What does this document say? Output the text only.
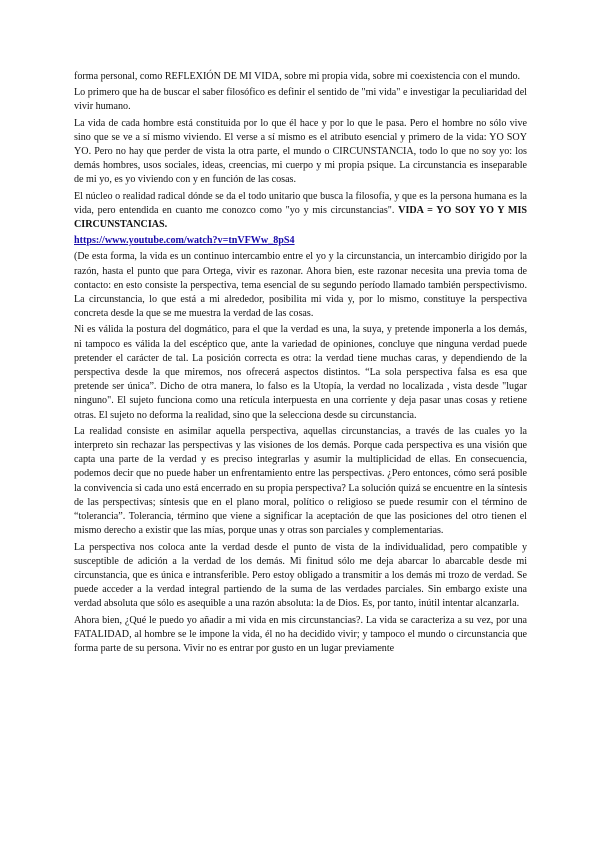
forma personal, como REFLEXIÓN DE MI VIDA, sobre mi propia vida, sobre mi coexistencia con el mundo.

Lo primero que ha de buscar el saber filosófico es definir el sentido de "mi vida" e investigar la peculiaridad del vivir humano.

La vida de cada hombre está constituida por lo que él hace y por lo que le pasa. Pero el hombre no sólo vive sino que se ve a sí mismo viviendo. El verse a sí mismo es el atributo esencial y primero de la vida: YO SOY YO. Pero no hay que perder de vista la otra parte, el mundo o CIRCUNSTANCIA, todo lo que no soy yo: los demás hombres, usos sociales, ideas, creencias, mi cuerpo y mi propia psique. La circunstancia es inseparable de mi yo, es yo viviendo con y en función de las cosas.

El núcleo o realidad radical dónde se da el todo unitario que busca la filosofía, y que es la persona humana es la vida, pero entendida en cuanto me conozco como "yo y mis circunstancias". VIDA = YO SOY YO Y MIS CIRCUNSTANCIAS.

https://www.youtube.com/watch?v=tnVFWw_8pS4

(De esta forma, la vida es un continuo intercambio entre el yo y la circunstancia, un intercambio dirigido por la razón, hasta el punto que para Ortega, vivir es razonar. Ahora bien, este razonar necesita una previa toma de contacto: en esto consiste la perspectiva, tema esencial de su segundo período llamado también perspectivismo. La circunstancia, lo que está a mi alrededor, posibilita mi vida y, por lo mismo, constituye la perspectiva concreta desde la que se me muestra la verdad de las cosas.

Ni es válida la postura del dogmático, para el que la verdad es una, la suya, y pretende imponerla a los demás, ni tampoco es válida la del escéptico que, ante la variedad de opiniones, concluye que ninguna verdad puede pretender el carácter de tal. La posición correcta es otra: la verdad tiene muchas caras, y dependiendo de la perspectiva desde la que miremos, nos ofrecerá aspectos distintos. “La sola perspectiva falsa es esa que pretende ser única”. Dicho de otra manera, lo falso es la Utopía, la verdad no localizada , vista desde "lugar ninguno". El sujeto funciona como una retícula interpuesta en una corriente y deja pasar unas cosas y retiene otras. El sujeto no deforma la realidad, sino que la selecciona desde su circunstancia.

La realidad consiste en asimilar aquella perspectiva, aquellas circunstancias, a través de las cuales yo la interpreto sin rechazar las perspectivas y las visiones de los demás. Porque cada perspectiva es una visión que capta una parte de la verdad y es preciso integrarlas y asumir la multiplicidad de ellas. En consecuencia, podemos decir que no puede haber un enfrentamiento entre las perspectivas. ¿Pero entonces, cómo será posible la convivencia si cada uno está encerrado en su propia perspectiva? La solución quizá se encuentre en la síntesis de las perspectivas; síntesis que en el plano moral, político o religioso se puede resumir con el término de “tolerancia”. Tolerancia, término que viene a significar la aceptación de que las posiciones del otro tienen el mismo derecho a existir que las mías, porque unas y otras son parciales y complementarias.

La perspectiva nos coloca ante la verdad desde el punto de vista de la individualidad, pero compatible y susceptible de adición a la verdad de los demás. Mi finitud sólo me deja abarcar lo abarcable desde mi circunstancia, que es única e intransferible. Pero estoy obligado a transmitir a los demás mi trozo de verdad. Se puede acceder a la verdad integral partiendo de la suma de las verdades parciales. Sin embargo existe una verdad absoluta que sólo es asequible a una razón absoluta: la de Dios. Es, por tanto, inútil intentar alcanzarla.

Ahora bien, ¿Qué le puedo yo añadir a mi vida en mis circunstancias?. La vida se caracteriza a su vez, por una FATALIDAD, al hombre se le impone la vida, él no ha decidido vivir; y tampoco el mundo o circunstancia que forma parte de su persona. Vivir no es entrar por gusto en un lugar previamente
